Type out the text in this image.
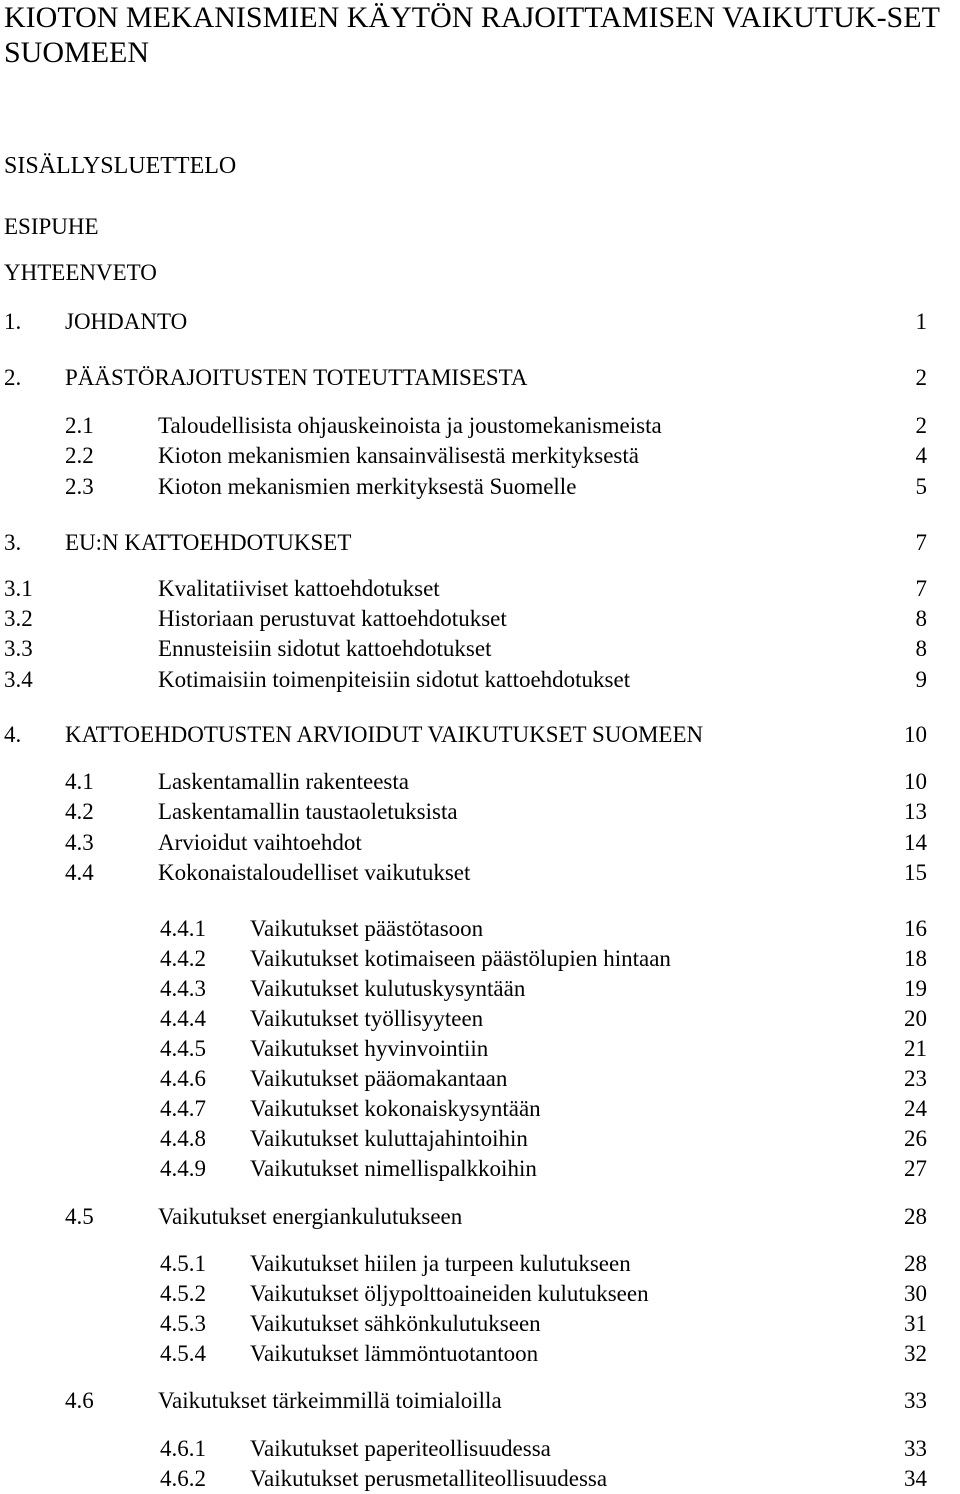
KIOTON MEKANISMIEN KÄYTÖN RAJOITTAMISEN VAIKUTUK-SET SUOMEEN
SISÄLLYSLUETTELO
ESIPUHE
YHTEENVETO
1. JOHDANTO	1
2. PÄÄSTÖRAJOITUSTEN TOTEUTTAMISESTA	2
2.1	Taloudellisista ohjauskeinoista ja joustomekanismeista	2
2.2	Kioton mekanismien kansainvälisestä merkityksestä	4
2.3	Kioton mekanismien merkityksestä Suomelle	5
3. EU:N KATTOEHDOTUKSET	7
3.1	Kvalitatiiviset kattoehdotukset	7
3.2	Historiaan perustuvat kattoehdotukset	8
3.3	Ennusteisiin sidotut kattoehdotukset	8
3.4	Kotimaisiin toimenpiteisiin sidotut kattoehdotukset	9
4. KATTOEHDOTUSTEN ARVIOIDUT VAIKUTUKSET SUOMEEN	10
4.1	Laskentamallin rakenteesta	10
4.2	Laskentamallin taustaoletuksista	13
4.3	Arvioidut vaihtoehdot	14
4.4	Kokonaistaloudelliset vaikutukset	15
4.4.1 Vaikutukset päästötasoon	16
4.4.2 Vaikutukset kotimaiseen päästölupien hintaan	18
4.4.3 Vaikutukset kulutuskysyntään	19
4.4.4 Vaikutukset työllisyyteen	20
4.4.5 Vaikutukset hyvinvointiin	21
4.4.6 Vaikutukset pääomakantaan	23
4.4.7 Vaikutukset kokonaiskysyntään	24
4.4.8 Vaikutukset kuluttajahintoihin	26
4.4.9 Vaikutukset nimellispalkkoihin	27
4.5	Vaikutukset energiankulutukseen	28
4.5.1 Vaikutukset hiilen ja turpeen kulutukseen	28
4.5.2 Vaikutukset öljypolttoaineiden kulutukseen	30
4.5.3 Vaikutukset sähkönkulutukseen	31
4.5.4 Vaikutukset lämmöntuotantoon	32
4.6	Vaikutukset tärkeimmillä toimialoilla	33
4.6.1 Vaikutukset paperiteollisuudessa	33
4.6.2 Vaikutukset perusmetalliteollisuudessa	34
